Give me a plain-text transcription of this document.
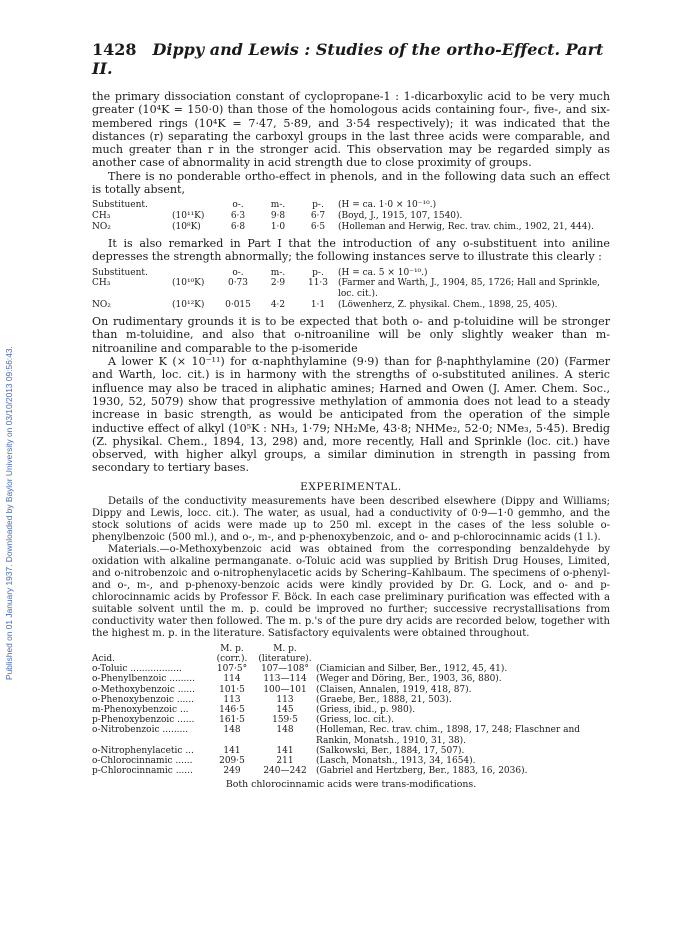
Published on 01 January 1937. Downloaded by Baylor University on 03/10/2013 09:56:43.
1428 Dippy and Lewis : Studies of the ortho-Effect. Part II.

the primary dissociation constant of cyclopropane-1 : 1-dicarboxylic acid to be very much greater (10⁴K = 150·0) than those of the homologous acids containing four-, five-, and six-membered rings (10⁴K = 7·47, 5·89, and 3·54 respectively); it was indicated that the distances (r) separating the carboxyl groups in the last three acids were comparable, and much greater than r in the stronger acid. This observation may be regarded simply as another case of abnormality in acid strength due to close proximity of groups.

There is no ponderable ortho-effect in phenols, and in the following data such an effect is totally absent,

Substituent.		o-.	m-.	p-.	(H = ca. 1·0 × 10⁻¹⁰.)
CH₃	(10¹¹K)	6·3	9·8	6·7	(Boyd, J., 1915, 107, 1540).
NO₂	(10⁸K)	6·8	1·0	6·5	(Holleman and Herwig, Rec. trav. chim., 1902, 21, 444).

It is also remarked in Part I that the introduction of any o-substituent into aniline depresses the strength abnormally; the following instances serve to illustrate this clearly :

Substituent.		o-.	m-.	p-.	(H = ca. 5 × 10⁻¹⁰.)
CH₃	(10¹⁰K)	0·73	2·9	11·3	(Farmer and Warth, J., 1904, 85, 1726; Hall and Sprinkle, loc. cit.).
NO₂	(10¹²K)	0·015	4·2	1·1	(Löwenherz, Z. physikal. Chem., 1898, 25, 405).

On rudimentary grounds it is to be expected that both o- and p-toluidine will be stronger than m-toluidine, and also that o-nitroaniline will be only slightly weaker than m-nitroaniline and comparable to the p-isomeride

A lower K (× 10⁻¹¹) for α-naphthylamine (9·9) than for β-naphthylamine (20) (Farmer and Warth, loc. cit.) is in harmony with the strengths of o-substituted anilines. A steric influence may also be traced in aliphatic amines; Harned and Owen (J. Amer. Chem. Soc., 1930, 52, 5079) show that progressive methylation of ammonia does not lead to a steady increase in basic strength, as would be anticipated from the operation of the simple inductive effect of alkyl (10⁵K : NH₃, 1·79; NH₂Me, 43·8; NHMe₂, 52·0; NMe₃, 5·45). Bredig (Z. physikal. Chem., 1894, 13, 298) and, more recently, Hall and Sprinkle (loc. cit.) have observed, with higher alkyl groups, a similar diminution in strength in passing from secondary to tertiary bases.

EXPERIMENTAL.

Details of the conductivity measurements have been described elsewhere (Dippy and Williams; Dippy and Lewis, locc. cit.). The water, as usual, had a conductivity of 0·9—1·0 gemmho, and the stock solutions of acids were made up to 250 ml. except in the cases of the less soluble o-phenylbenzoic (500 ml.), and o-, m-, and p-phenoxybenzoic, and o- and p-chlorocinnamic acids (1 l.).

Materials.—o-Methoxybenzoic acid was obtained from the corresponding benzaldehyde by oxidation with alkaline permanganate. o-Toluic acid was supplied by British Drug Houses, Limited, and o-nitrobenzoic and o-nitrophenylacetic acids by Schering–Kahlbaum. The specimens of o-phenyl- and o-, m-, and p-phenoxy-benzoic acids were kindly provided by Dr. G. Lock, and o- and p-chlorocinnamic acids by Professor F. Böck. In each case preliminary purification was effected with a suitable solvent until the m. p. could be improved no further; successive recrystallisations from conductivity water then followed. The m. p.'s of the pure dry acids are recorded below, together with the highest m. p. in the literature. Satisfactory equivalents were obtained throughout.

	M. p.	M. p.	
Acid.	(corr.).	(literature).	
o-Toluic ..................	107·5°	107—108°	(Ciamician and Silber, Ber., 1912, 45, 41).
o-Phenylbenzoic .........	114	113—114	(Weger and Döring, Ber., 1903, 36, 880).
o-Methoxybenzoic ......	101·5	100—101	(Claisen, Annalen, 1919, 418, 87).
o-Phenoxybenzoic ......	113	113	(Graebe, Ber., 1888, 21, 503).
m-Phenoxybenzoic ...	146·5	145	(Griess, ibid., p. 980).
p-Phenoxybenzoic ......	161·5	159·5	(Griess, loc. cit.).
o-Nitrobenzoic .........	148	148	(Holleman, Rec. trav. chim., 1898, 17, 248; Flaschner and Rankin, Monatsh., 1910, 31, 38).
o-Nitrophenylacetic ...	141	141	(Salkowski, Ber., 1884, 17, 507).
o-Chlorocinnamic ......	209·5	211	(Lasch, Monatsh., 1913, 34, 1654).
p-Chlorocinnamic ......	249	240—242	(Gabriel and Hertzberg, Ber., 1883, 16, 2036).
Both chlorocinnamic acids were trans-modifications.
